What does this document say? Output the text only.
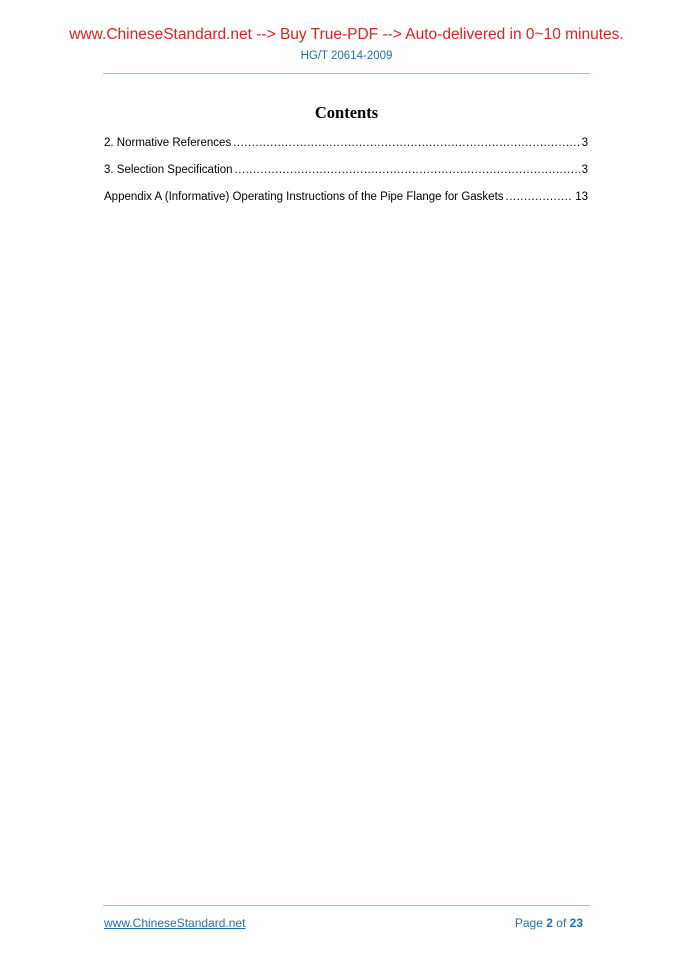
www.ChineseStandard.net --> Buy True-PDF --> Auto-delivered in 0~10 minutes.
HG/T 20614-2009
Contents
2. Normative References .....	3
3. Selection Specification .....	3
Appendix A (Informative) Operating Instructions of the Pipe Flange for Gaskets .....	13
www.ChineseStandard.net	Page 2 of 23
